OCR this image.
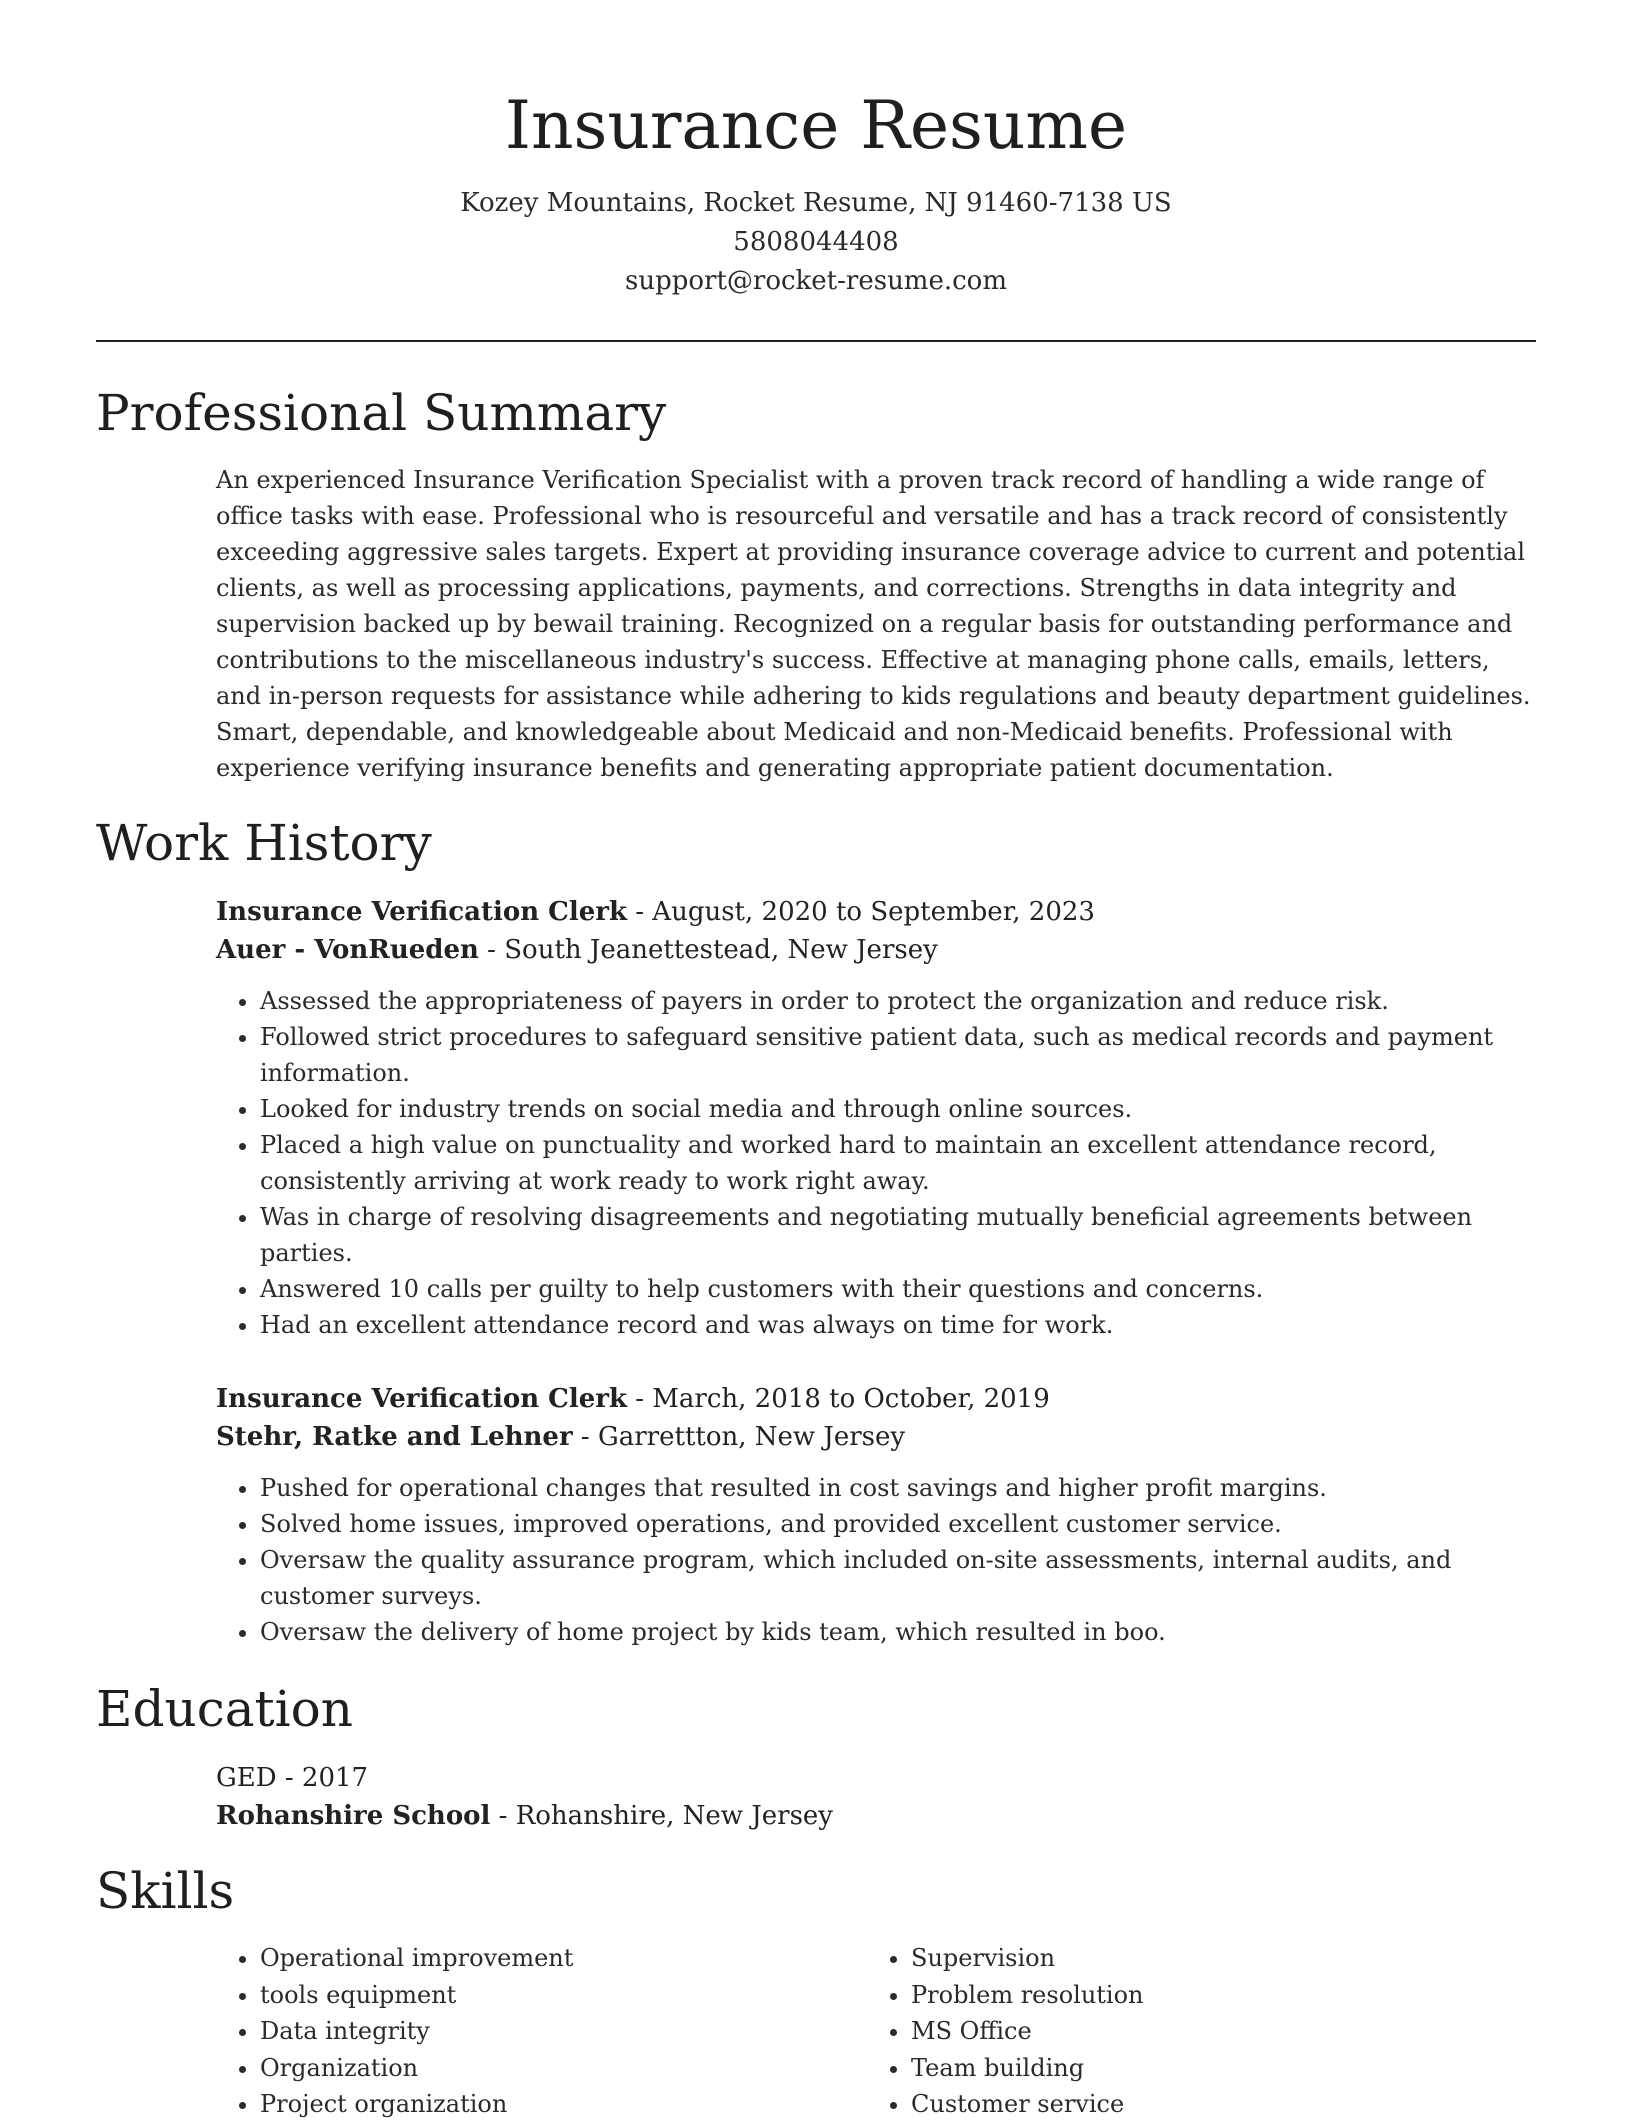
Insurance Resume
Kozey Mountains, Rocket Resume, NJ 91460-7138 US
5808044408
support@rocket-resume.com
Professional Summary

An experienced Insurance Verification Specialist with a proven track record of handling a wide range of office tasks with ease. Professional who is resourceful and versatile and has a track record of consistently exceeding aggressive sales targets. Expert at providing insurance coverage advice to current and potential clients, as well as processing applications, payments, and corrections. Strengths in data integrity and supervision backed up by bewail training. Recognized on a regular basis for outstanding performance and contributions to the miscellaneous industry's success. Effective at managing phone calls, emails, letters, and in-person requests for assistance while adhering to kids regulations and beauty department guidelines. Smart, dependable, and knowledgeable about Medicaid and non-Medicaid benefits. Professional with experience verifying insurance benefits and generating appropriate patient documentation.

Work History
Insurance Verification Clerk - August, 2020 to September, 2023
Auer - VonRueden - South Jeanettestead, New Jersey
• Assessed the appropriateness of payers in order to protect the organization and reduce risk.
• Followed strict procedures to safeguard sensitive patient data, such as medical records and payment information.
• Looked for industry trends on social media and through online sources.
• Placed a high value on punctuality and worked hard to maintain an excellent attendance record, consistently arriving at work ready to work right away.
• Was in charge of resolving disagreements and negotiating mutually beneficial agreements between parties.
• Answered 10 calls per guilty to help customers with their questions and concerns.
• Had an excellent attendance record and was always on time for work.
Insurance Verification Clerk - March, 2018 to October, 2019
Stehr, Ratke and Lehner - Garrettton, New Jersey
• Pushed for operational changes that resulted in cost savings and higher profit margins.
• Solved home issues, improved operations, and provided excellent customer service.
• Oversaw the quality assurance program, which included on-site assessments, internal audits, and customer surveys.
• Oversaw the delivery of home project by kids team, which resulted in boo.
Education
GED - 2017
Rohanshire School - Rohanshire, New Jersey
Skills
• Operational improvement
• tools equipment
• Data integrity
• Organization
• Project organization
• Supervision
• Problem resolution
• MS Office
• Team building
• Customer service
